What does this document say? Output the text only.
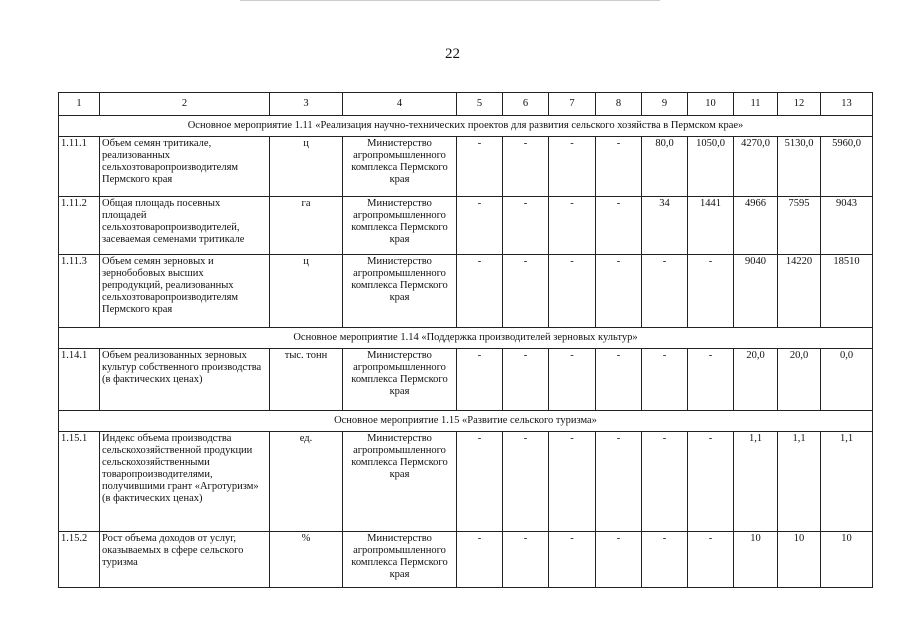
22
1	2	3	4	5	6	7	8	9	10	11	12	13
Основное мероприятие 1.11 «Реализация научно-технических проектов для развития сельского хозяйства в Пермском крае»												
1.11.1	Объем семян тритикале, реализованных сельхозтоваропроизводителям Пермского края	ц	Министерство агропромышленного комплекса Пермского края	-	-	-	-	80,0	1050,0	4270,0	5130,0	5960,0
1.11.2	Общая площадь посевных площадей сельхозтоваропроизводителей, засеваемая семенами тритикале	га	Министерство агропромышленного комплекса Пермского края	-	-	-	-	34	1441	4966	7595	9043
1.11.3	Объем семян зерновых и зернобобовых высших репродукций, реализованных сельхозтоваропроизводителям Пермского края	ц	Министерство агропромышленного комплекса Пермского края	-	-	-	-	-	-	9040	14220	18510
Основное мероприятие 1.14 «Поддержка производителей зерновых культур»												
1.14.1	Объем реализованных зерновых культур собственного производства (в фактических ценах)	тыс. тонн	Министерство агропромышленного комплекса Пермского края	-	-	-	-	-	-	20,0	20,0	0,0
Основное мероприятие 1.15 «Развитие сельского туризма»												
1.15.1	Индекс объема производства сельскохозяйственной продукции сельскохозяйственными товаропроизводителями, получившими грант «Агротуризм» (в фактических ценах)	ед.	Министерство агропромышленного комплекса Пермского края	-	-	-	-	-	-	1,1	1,1	1,1
1.15.2	Рост объема доходов от услуг, оказываемых в сфере сельского туризма	%	Министерство агропромышленного комплекса Пермского края	-	-	-	-	-	-	10	10	10
